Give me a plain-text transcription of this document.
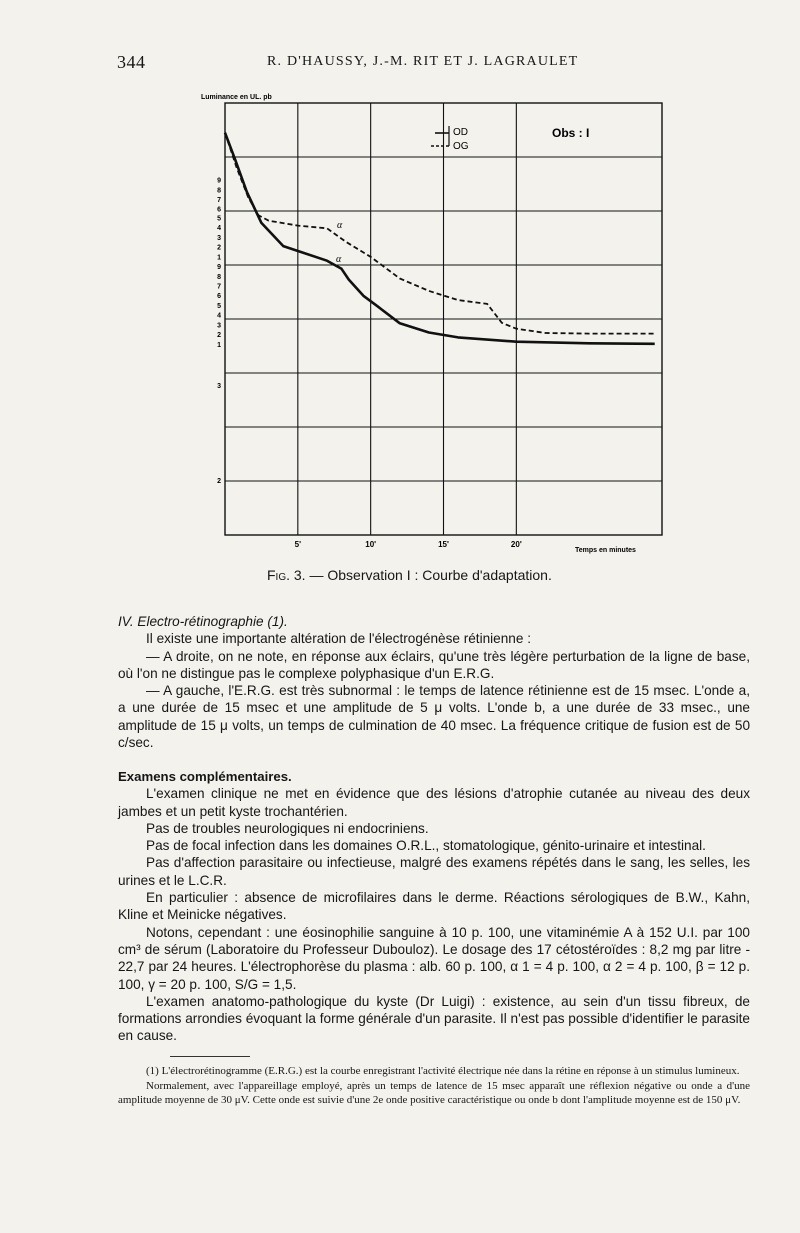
344	R. D'HAUSSY, J.-M. RIT ET J. LAGRAULET
9
8
7
6
5
4
3
2
1
9
8
7
6
5
4
3
2
1
3
2
5'	10'	15'	20'
Luminance en UL. pb
Temps en minutes
OD
OG
Obs : I
α
α
Fig. 3. — Observation I : Courbe d'adaptation.

IV. Electro-rétinographie (1).

Il existe une importante altération de l'électrogénèse rétinienne :

— A droite, on ne note, en réponse aux éclairs, qu'une très légère perturbation de la ligne de base, où l'on ne distingue pas le complexe polyphasique d'un E.R.G.

— A gauche, l'E.R.G. est très subnormal : le temps de latence rétinienne est de 15 msec. L'onde a, a une durée de 15 msec et une amplitude de 5 μ volts. L'onde b, a une durée de 33 msec., une amplitude de 15 μ volts, un temps de culmination de 40 msec. La fréquence critique de fusion est de 50 c/sec.

Examens complémentaires.

L'examen clinique ne met en évidence que des lésions d'atrophie cutanée au niveau des deux jambes et un petit kyste trochantérien.

Pas de troubles neurologiques ni endocriniens.

Pas de focal infection dans les domaines O.R.L., stomatologique, génito-urinaire et intestinal.

Pas d'affection parasitaire ou infectieuse, malgré des examens répétés dans le sang, les selles, les urines et le L.C.R.

En particulier : absence de microfilaires dans le derme. Réactions sérologiques de B.W., Kahn, Kline et Meinicke négatives.

Notons, cependant : une éosinophilie sanguine à 10 p. 100, une vitaminémie A à 152 U.I. par 100 cm³ de sérum (Laboratoire du Professeur Dubouloz). Le dosage des 17 cétostéroïdes : 8,2 mg par litre - 22,7 par 24 heures. L'électrophorèse du plasma : alb. 60 p. 100, α 1 = 4 p. 100, α 2 = 4 p. 100, β = 12 p. 100, γ = 20 p. 100, S/G = 1,5.

L'examen anatomo-pathologique du kyste (Dr Luigi) : existence, au sein d'un tissu fibreux, de formations arrondies évoquant la forme générale d'un parasite. Il n'est pas possible d'identifier le parasite en cause.

(1) L'électrorétinogramme (E.R.G.) est la courbe enregistrant l'activité électrique née dans la rétine en réponse à un stimulus lumineux.

Normalement, avec l'appareillage employé, après un temps de latence de 15 msec apparaît une réflexion négative ou onde a d'une amplitude moyenne de 30 μV. Cette onde est suivie d'une 2e onde positive caractéristique ou onde b dont l'amplitude moyenne est de 150 μV.
